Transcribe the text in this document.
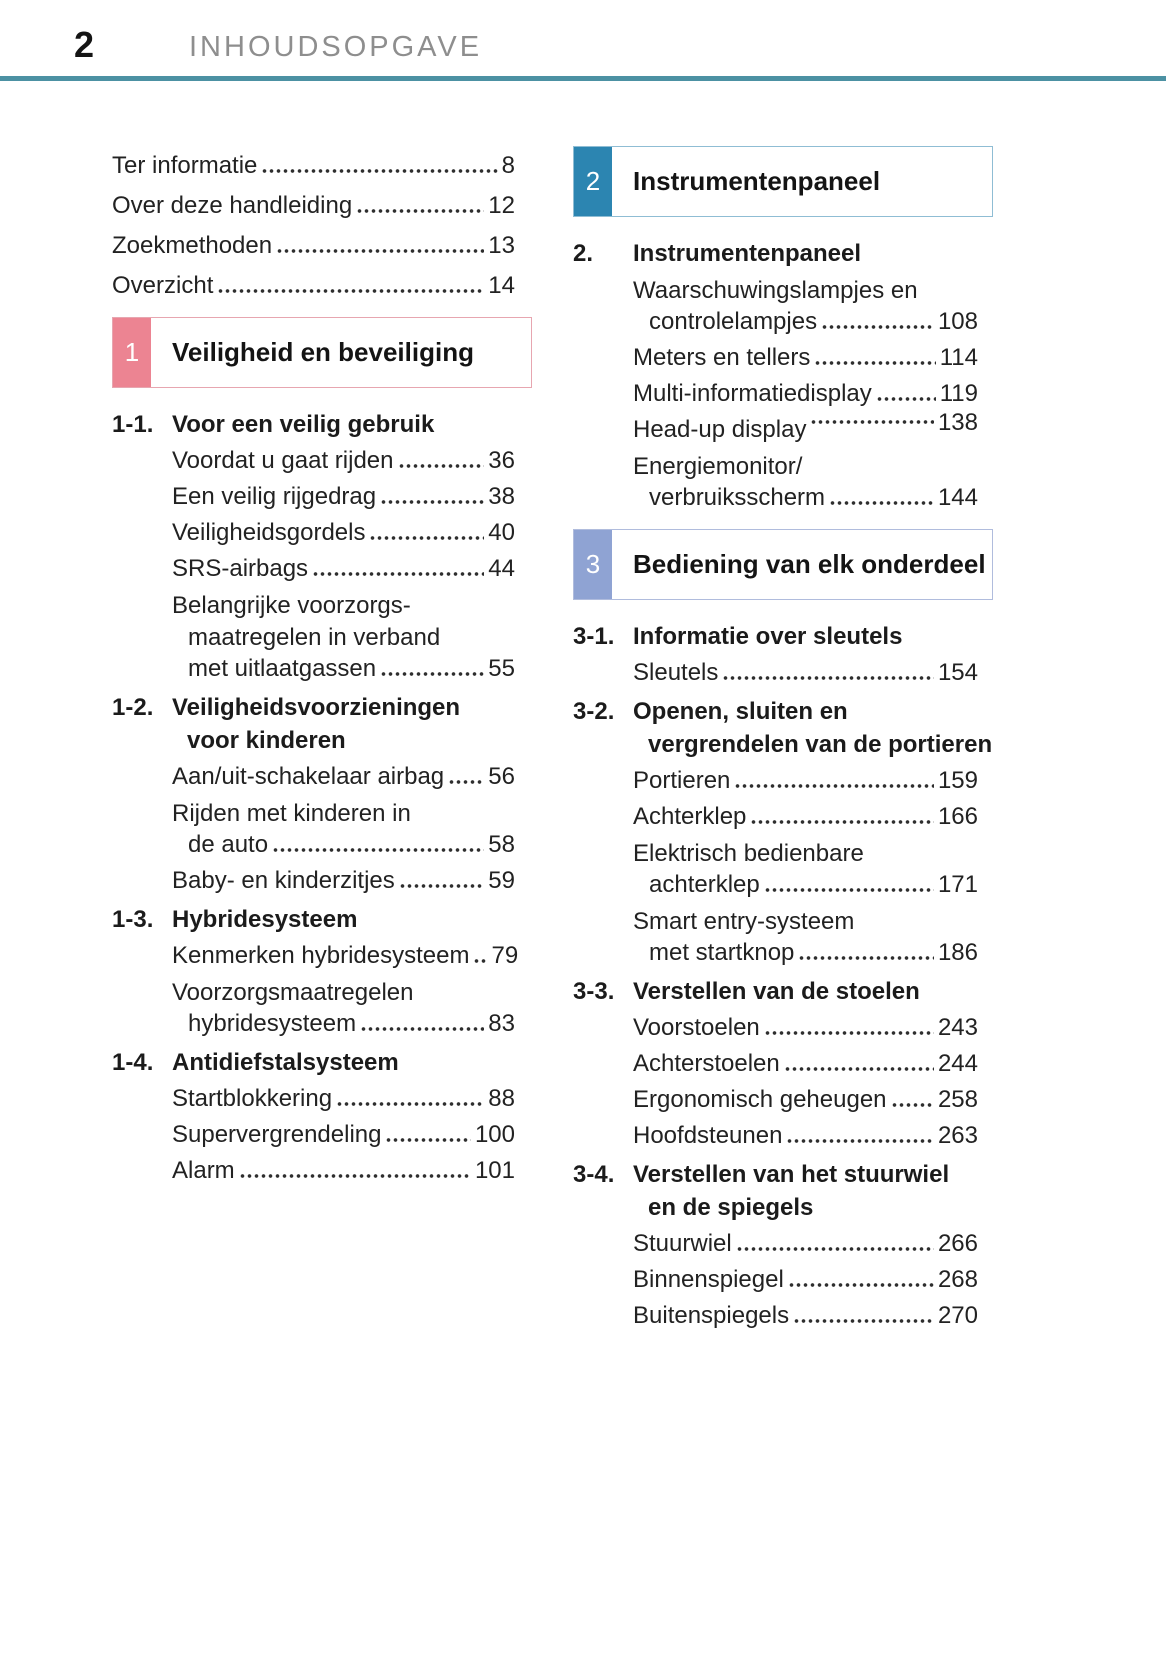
2	INHOUDSOPGAVE
Ter informatie	8
Over deze handleiding	12
Zoekmethoden	13
Overzicht	14
1	Veiligheid en beveiliging
1-1. Voor een veilig gebruik
Voordat u gaat rijden	36
Een veilig rijgedrag	38
Veiligheidsgordels	40
SRS-airbags	44
Belangrijke voorzorgs-
maatregelen in verband
met uitlaatgassen	55
1-2. Veiligheidsvoorzieningen
voor kinderen
Aan/uit-schakelaar airbag 56
Rijden met kinderen in
de auto	58
Baby- en kinderzitjes	59
1-3. Hybridesysteem
Kenmerken hybridesysteem 79
Voorzorgsmaatregelen
hybridesysteem	83
1-4. Antidiefstalsysteem
Startblokkering	88
Supervergrendeling	100
Alarm	101
2	Instrumentenpaneel
2.	Instrumentenpaneel
Waarschuwingslampjes en
controlelampjes	108
Meters en tellers	114
Multi-informatiedisplay	119
Head-up display	138
Energiemonitor/
verbruiksscherm	144
3	Bediening van elk onderdeel
3-1. Informatie over sleutels
Sleutels	154
3-2. Openen, sluiten en
vergrendelen van de portieren
Portieren	159
Achterklep	166
Elektrisch bedienbare
achterklep	171
Smart entry-systeem
met startknop	186
3-3. Verstellen van de stoelen
Voorstoelen	243
Achterstoelen	244
Ergonomisch geheugen 258
Hoofdsteunen	263
3-4. Verstellen van het stuurwiel
en de spiegels
Stuurwiel	266
Binnenspiegel	268
Buitenspiegels	270
